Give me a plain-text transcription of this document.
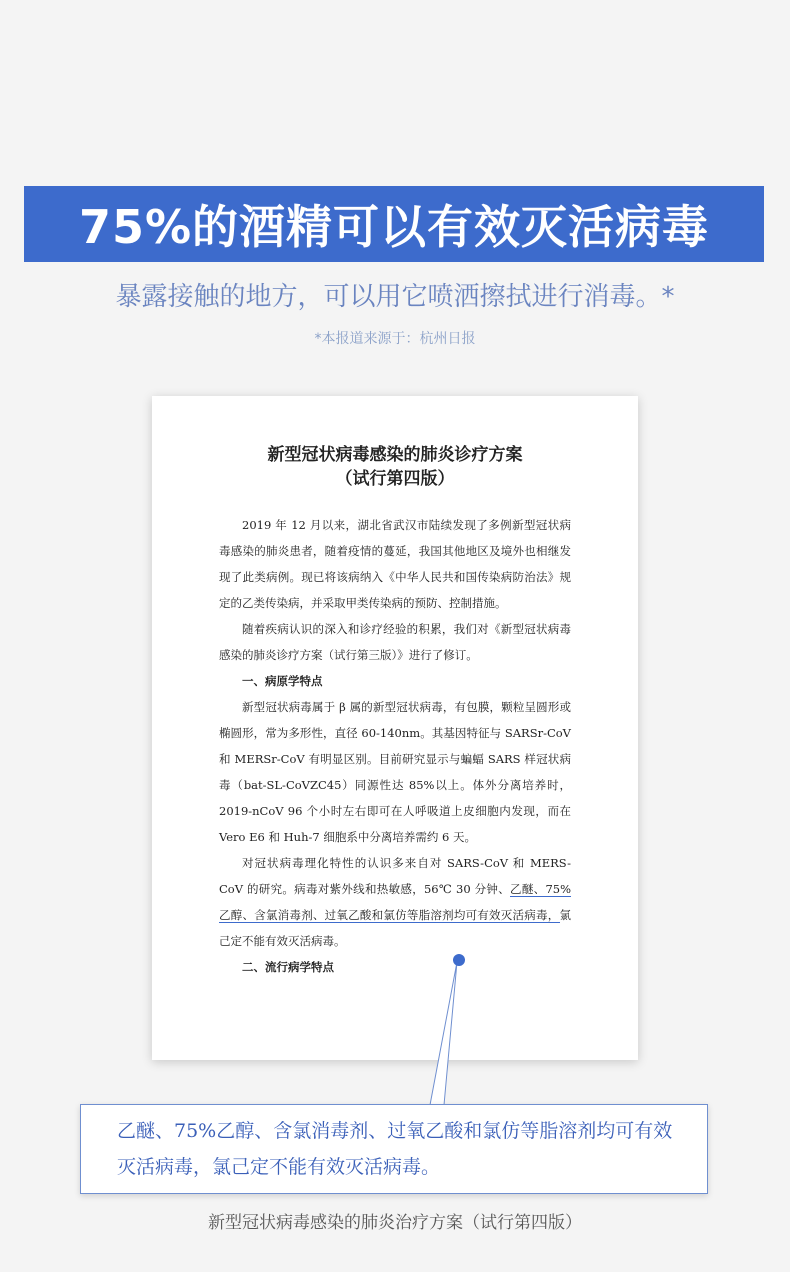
75%的酒精可以有效灭活病毒
暴露接触的地方，可以用它喷洒擦拭进行消毒。*
*本报道来源于：杭州日报
新型冠状病毒感染的肺炎诊疗方案
（试行第四版）

2019 年 12 月以来，湖北省武汉市陆续发现了多例新型冠状病毒感染的肺炎患者，随着疫情的蔓延，我国其他地区及境外也相继发现了此类病例。现已将该病纳入《中华人民共和国传染病防治法》规定的乙类传染病，并采取甲类传染病的预防、控制措施。

随着疾病认识的深入和诊疗经验的积累，我们对《新型冠状病毒感染的肺炎诊疗方案（试行第三版）》进行了修订。

一、病原学特点

新型冠状病毒属于 β 属的新型冠状病毒，有包膜，颗粒呈圆形或椭圆形，常为多形性，直径 60-140nm。其基因特征与 SARSr-CoV 和 MERSr-CoV 有明显区别。目前研究显示与蝙蝠 SARS 样冠状病毒（bat-SL-CoVZC45）同源性达 85%以上。体外分离培养时，2019-nCoV 96 个小时左右即可在人呼吸道上皮细胞内发现，而在 Vero E6 和 Huh-7 细胞系中分离培养需约 6 天。

对冠状病毒理化特性的认识多来自对 SARS-CoV 和 MERS-CoV 的研究。病毒对紫外线和热敏感，56℃ 30 分钟、乙醚、75%乙醇、含氯消毒剂、过氧乙酸和氯仿等脂溶剂均可有效灭活病毒，氯己定不能有效灭活病毒。

二、流行病学特点
乙醚、75%乙醇、含氯消毒剂、过氧乙酸和氯仿等脂溶剂均可有效灭活病毒，氯己定不能有效灭活病毒。
新型冠状病毒感染的肺炎治疗方案（试行第四版）
